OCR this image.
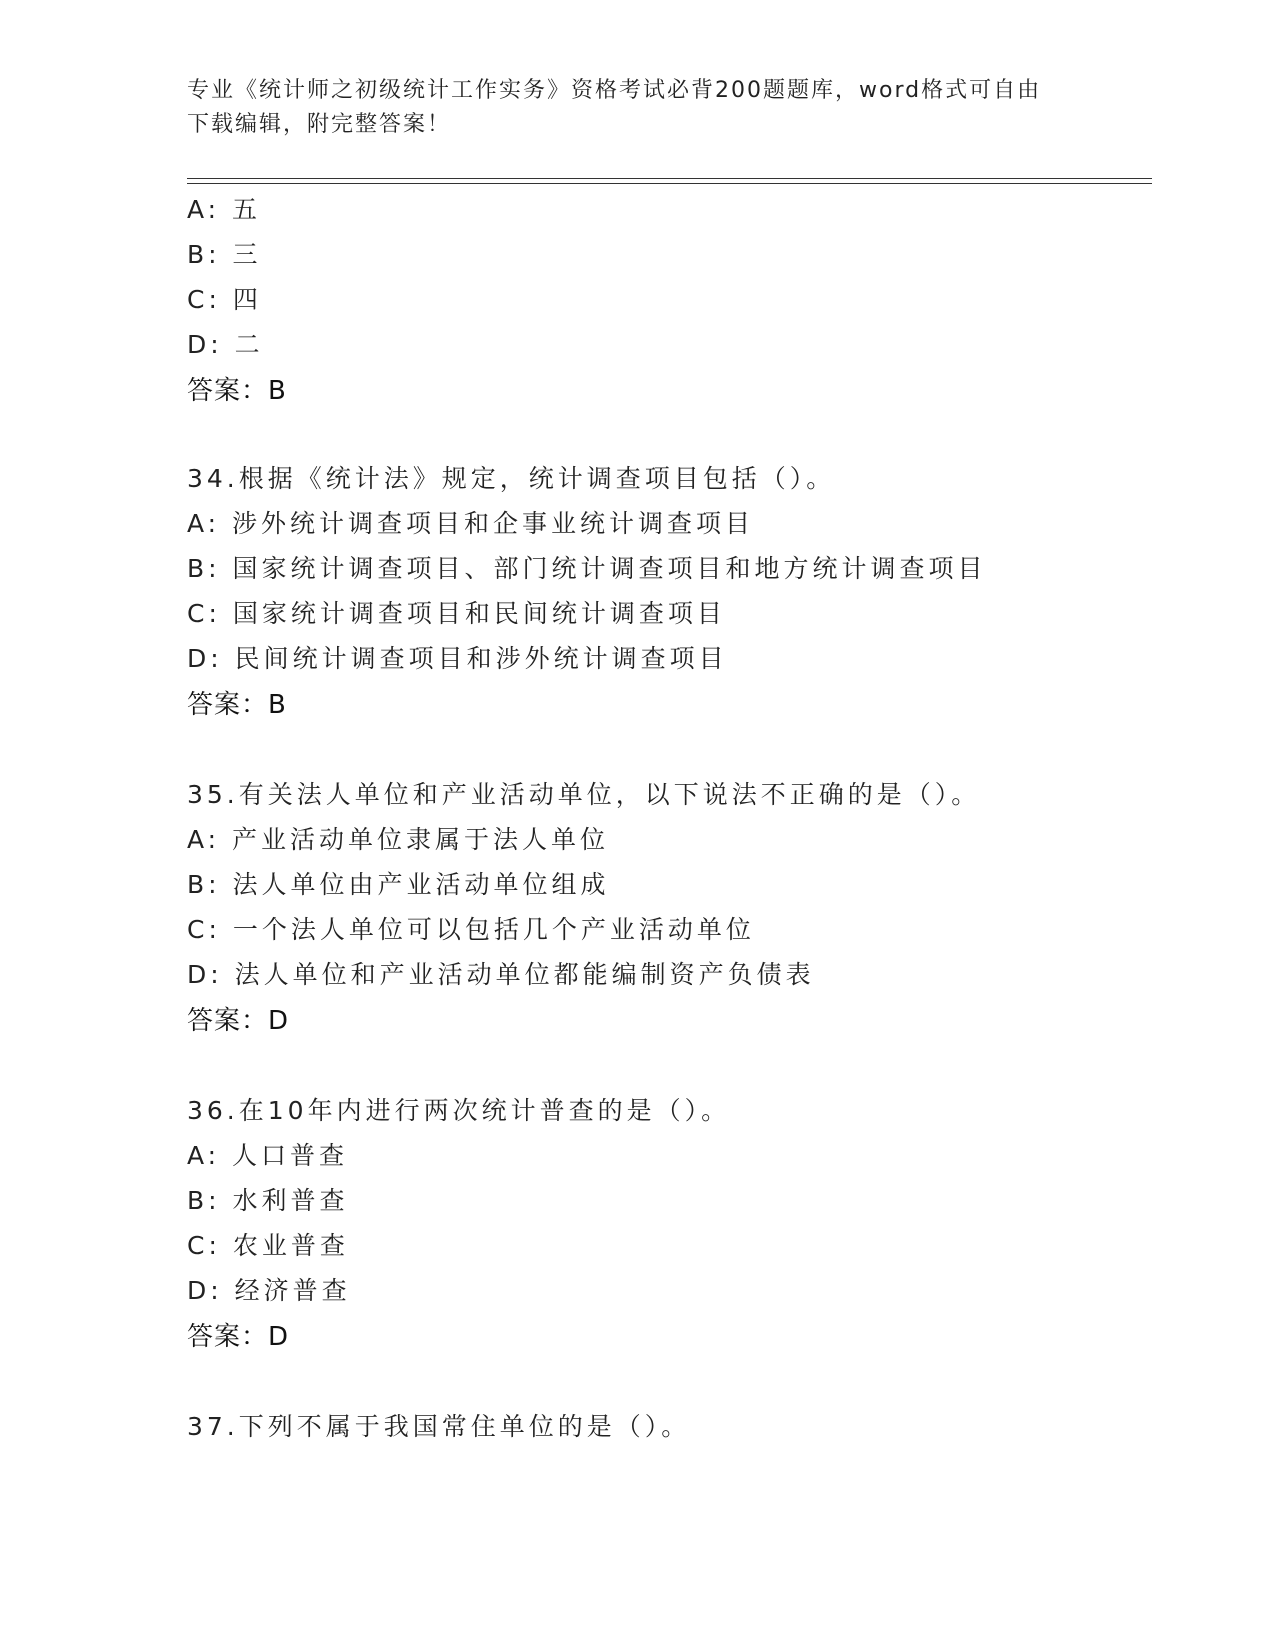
专业《统计师之初级统计工作实务》资格考试必背200题题库，word格式可自由
下载编辑，附完整答案！
A: 五
B: 三
C: 四
D: 二
答案：B
34.根据《统计法》规定，统计调查项目包括（）。
A: 涉外统计调查项目和企事业统计调查项目
B: 国家统计调查项目、部门统计调查项目和地方统计调查项目
C: 国家统计调查项目和民间统计调查项目
D: 民间统计调查项目和涉外统计调查项目
答案：B
35.有关法人单位和产业活动单位，以下说法不正确的是（）。
A: 产业活动单位隶属于法人单位
B: 法人单位由产业活动单位组成
C: 一个法人单位可以包括几个产业活动单位
D: 法人单位和产业活动单位都能编制资产负债表
答案：D
36.在10年内进行两次统计普查的是（）。
A: 人口普查
B: 水利普查
C: 农业普查
D: 经济普查
答案：D
37.下列不属于我国常住单位的是（）。
